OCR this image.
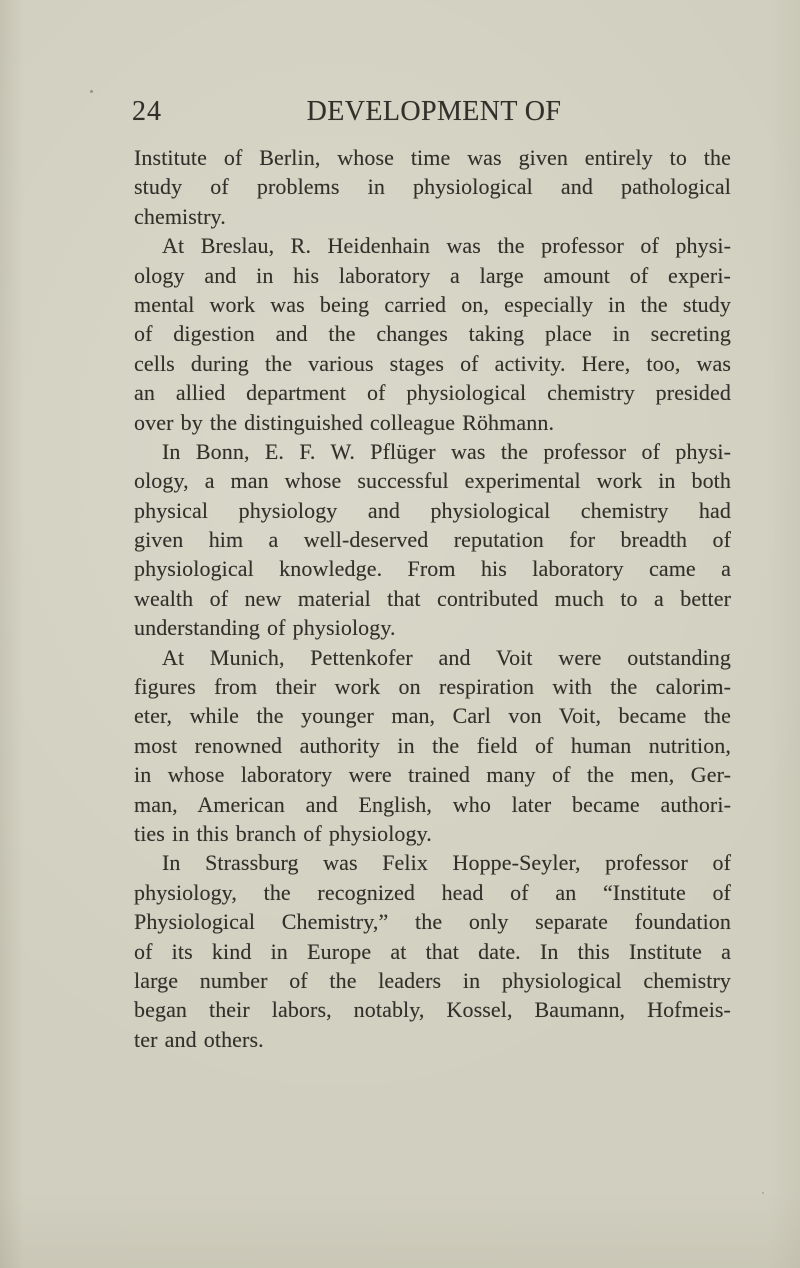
24	DEVELOPMENT OF
Institute of Berlin, whose time was given entirely to the
study of problems in physiological and pathological
chemistry.
At Breslau, R. Heidenhain was the professor of physi-
ology and in his laboratory a large amount of experi-
mental work was being carried on, especially in the study
of digestion and the changes taking place in secreting
cells during the various stages of activity. Here, too, was
an allied department of physiological chemistry presided
over by the distinguished colleague Röhmann.
In Bonn, E. F. W. Pflüger was the professor of physi-
ology, a man whose successful experimental work in both
physical physiology and physiological chemistry had
given him a well-deserved reputation for breadth of
physiological knowledge. From his laboratory came a
wealth of new material that contributed much to a better
understanding of physiology.
At Munich, Pettenkofer and Voit were outstanding
figures from their work on respiration with the calorim-
eter, while the younger man, Carl von Voit, became the
most renowned authority in the field of human nutrition,
in whose laboratory were trained many of the men, Ger-
man, American and English, who later became authori-
ties in this branch of physiology.
In Strassburg was Felix Hoppe-Seyler, professor of
physiology, the recognized head of an “Institute of
Physiological Chemistry,” the only separate foundation
of its kind in Europe at that date. In this Institute a
large number of the leaders in physiological chemistry
began their labors, notably, Kossel, Baumann, Hofmeis-
ter and others.
